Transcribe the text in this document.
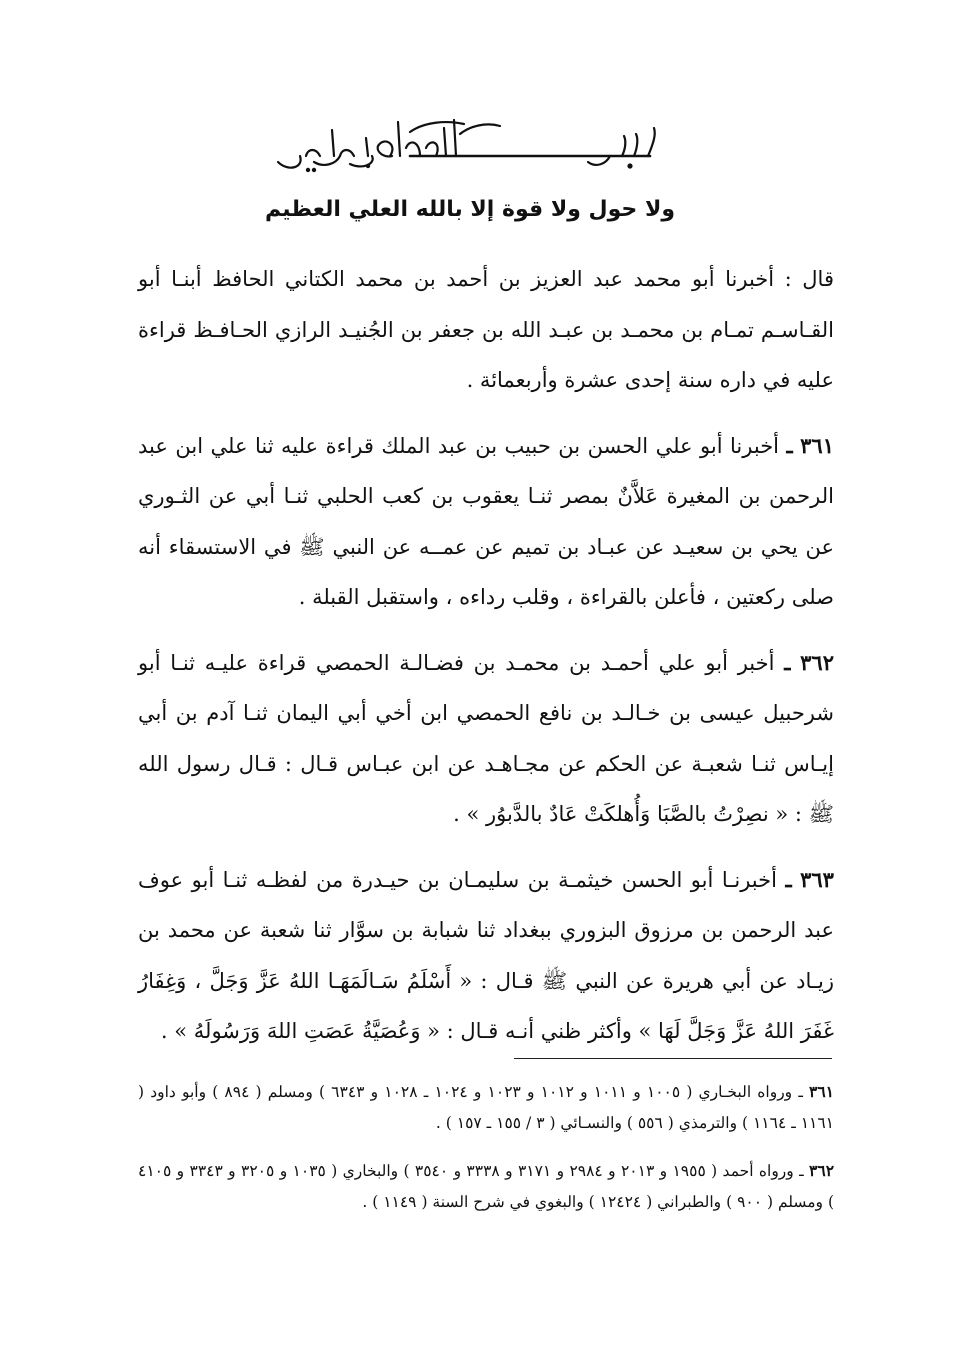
ولا حول ولا قوة إلا بالله العلي العظيم

قال : أخبرنا أبو محمد عبد العزيز بن أحمد بن محمد الكتاني الحافظ أبنـا أبو القـاسـم تمـام بن محمـد بن عبـد الله بن جعفر بن الجُنيـد الرازي الحـافـظ قراءة عليه في داره سنة إحدى عشرة وأربعمائة .

٣٦١ ـ أخبرنا أبو علي الحسن بن حبيب بن عبد الملك قراءة عليه ثنا علي ابن عبد الرحمن بن المغيرة عَلاَّنٌ بمصر ثنـا يعقوب بن كعب الحلبي ثنـا أبي عن الثـوري عن يحي بن سعيـد عن عبـاد بن تميم عن عمــه عن النبي ﷺ في الاستسقاء أنه صلى ركعتين ، فأعلن بالقراءة ، وقلب رداءه ، واستقبل القبلة .

٣٦٢ ـ أخبر أبو علي أحمـد بن محمـد بن فضـالـة الحمصي قراءة عليـه ثنـا أبو شرحبيل عيسى بن خـالـد بن نافع الحمصي ابن أخي أبي اليمان ثنـا آدم بن أبي إيـاس ثنـا شعبـة عن الحكم عن مجـاهـد عن ابن عبـاس قـال : قـال رسول الله ﷺ : « نصِرْتُ بالصَّبَا وَأُهلكَتْ عَادٌ بالدَّبوُر » .

٣٦٣ ـ أخبرنـا أبو الحسن خيثمـة بن سليمـان بن حيـدرة من لفظـه ثنـا أبو عوف عبد الرحمن بن مرزوق البزوري ببغداد ثنا شبابة بن سوَّار ثنا شعبة عن محمد بن زيـاد عن أبي هريرة عن النبي ﷺ قـال : « أَسْلَمُ سَـالَمَهَـا اللهُ عَزَّ وَجَلَّ ، وَغِفَارُ غَفَرَ اللهُ عَزَّ وَجَلَّ لَهَا » وأكثر ظني أنـه قـال : « وَعُصَيَّةُ عَصَتِ اللهَ وَرَسُولَهُ » .

٣٦١ ـ ورواه البخـاري ( ١٠٠٥ و ١٠١١ و ١٠١٢ و ١٠٢٣ و ١٠٢٤ ـ ١٠٢٨ و ٦٣٤٣ ) ومسلم ( ٨٩٤ ) وأبو داود ( ١١٦١ ـ ١١٦٤ ) والترمذي ( ٥٥٦ ) والنسـائي ( ٣ / ١٥٥ ـ ١٥٧ ) .

٣٦٢ ـ ورواه أحمد ( ١٩٥٥ و ٢٠١٣ و ٢٩٨٤ و ٣١٧١ و ٣٣٣٨ و ٣٥٤٠ ) والبخاري ( ١٠٣٥ و ٣٢٠٥ و ٣٣٤٣ و ٤١٠٥ ) ومسلم ( ٩٠٠ ) والطبراني ( ١٢٤٢٤ ) والبغوي في شرح السنة ( ١١٤٩ ) .
